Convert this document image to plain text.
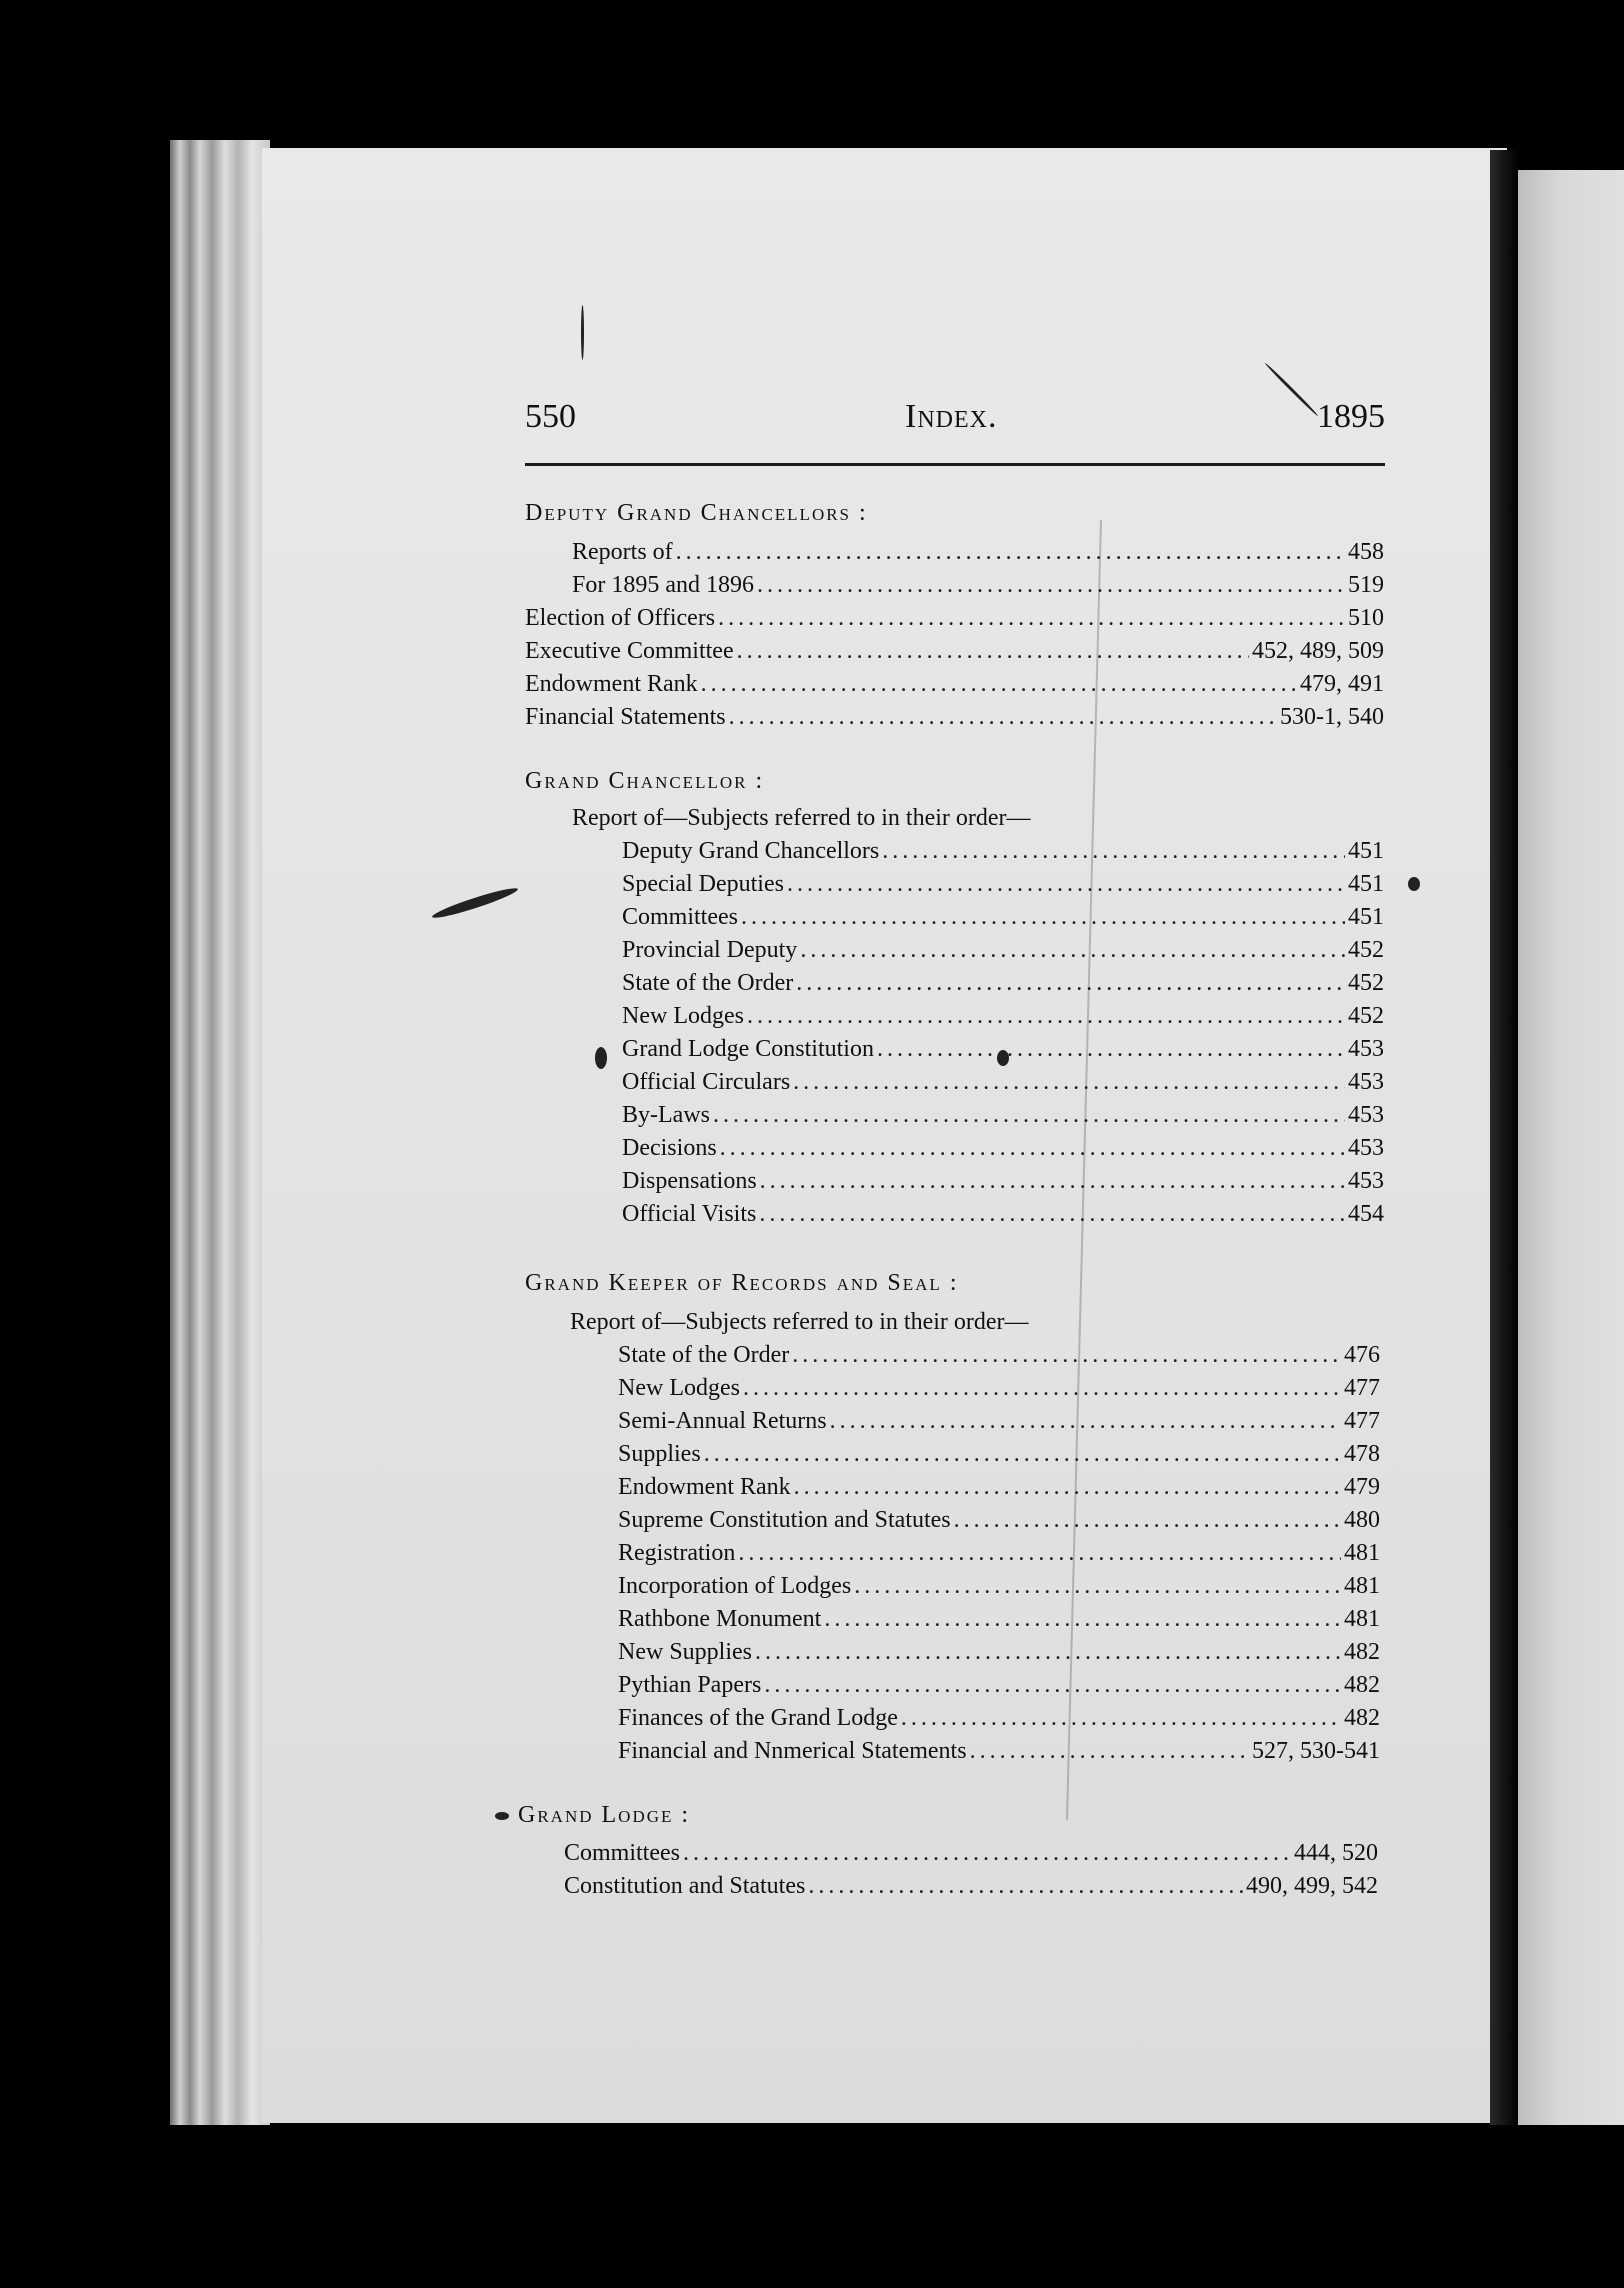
550	Index.	1895
Deputy Grand Chancellors :
Reports of .....	458
For 1895 and 1896 .....	519
Election of Officers .....	510
Executive Committee .....	452, 489, 509
Endowment Rank .....	479, 491
Financial Statements .....	530-1, 540
Grand Chancellor :
Report of—Subjects referred to in their order—
Deputy Grand Chancellors .....	451
Special Deputies .....	451
Committees .....	451
Provincial Deputy .....	452
State of the Order .....	452
New Lodges .....	452
Grand Lodge Constitution .....	453
Official Circulars .....	453
By-Laws .....	453
Decisions .....	453
Dispensations .....	453
Official Visits .....	454
Grand Keeper of Records and Seal :
Report of—Subjects referred to in their order—
State of the Order .....	476
New Lodges .....	477
Semi-Annual Returns .....	477
Supplies .....	478
Endowment Rank .....	479
Supreme Constitution and Statutes .....	480
Registration .....	481
Incorporation of Lodges .....	481
Rathbone Monument .....	481
New Supplies .....	482
Pythian Papers .....	482
Finances of the Grand Lodge .....	482
Financial and Nnmerical Statements .....	527, 530-541
Grand Lodge :
Committees .....	444, 520
Constitution and Statutes .....	490, 499, 542
